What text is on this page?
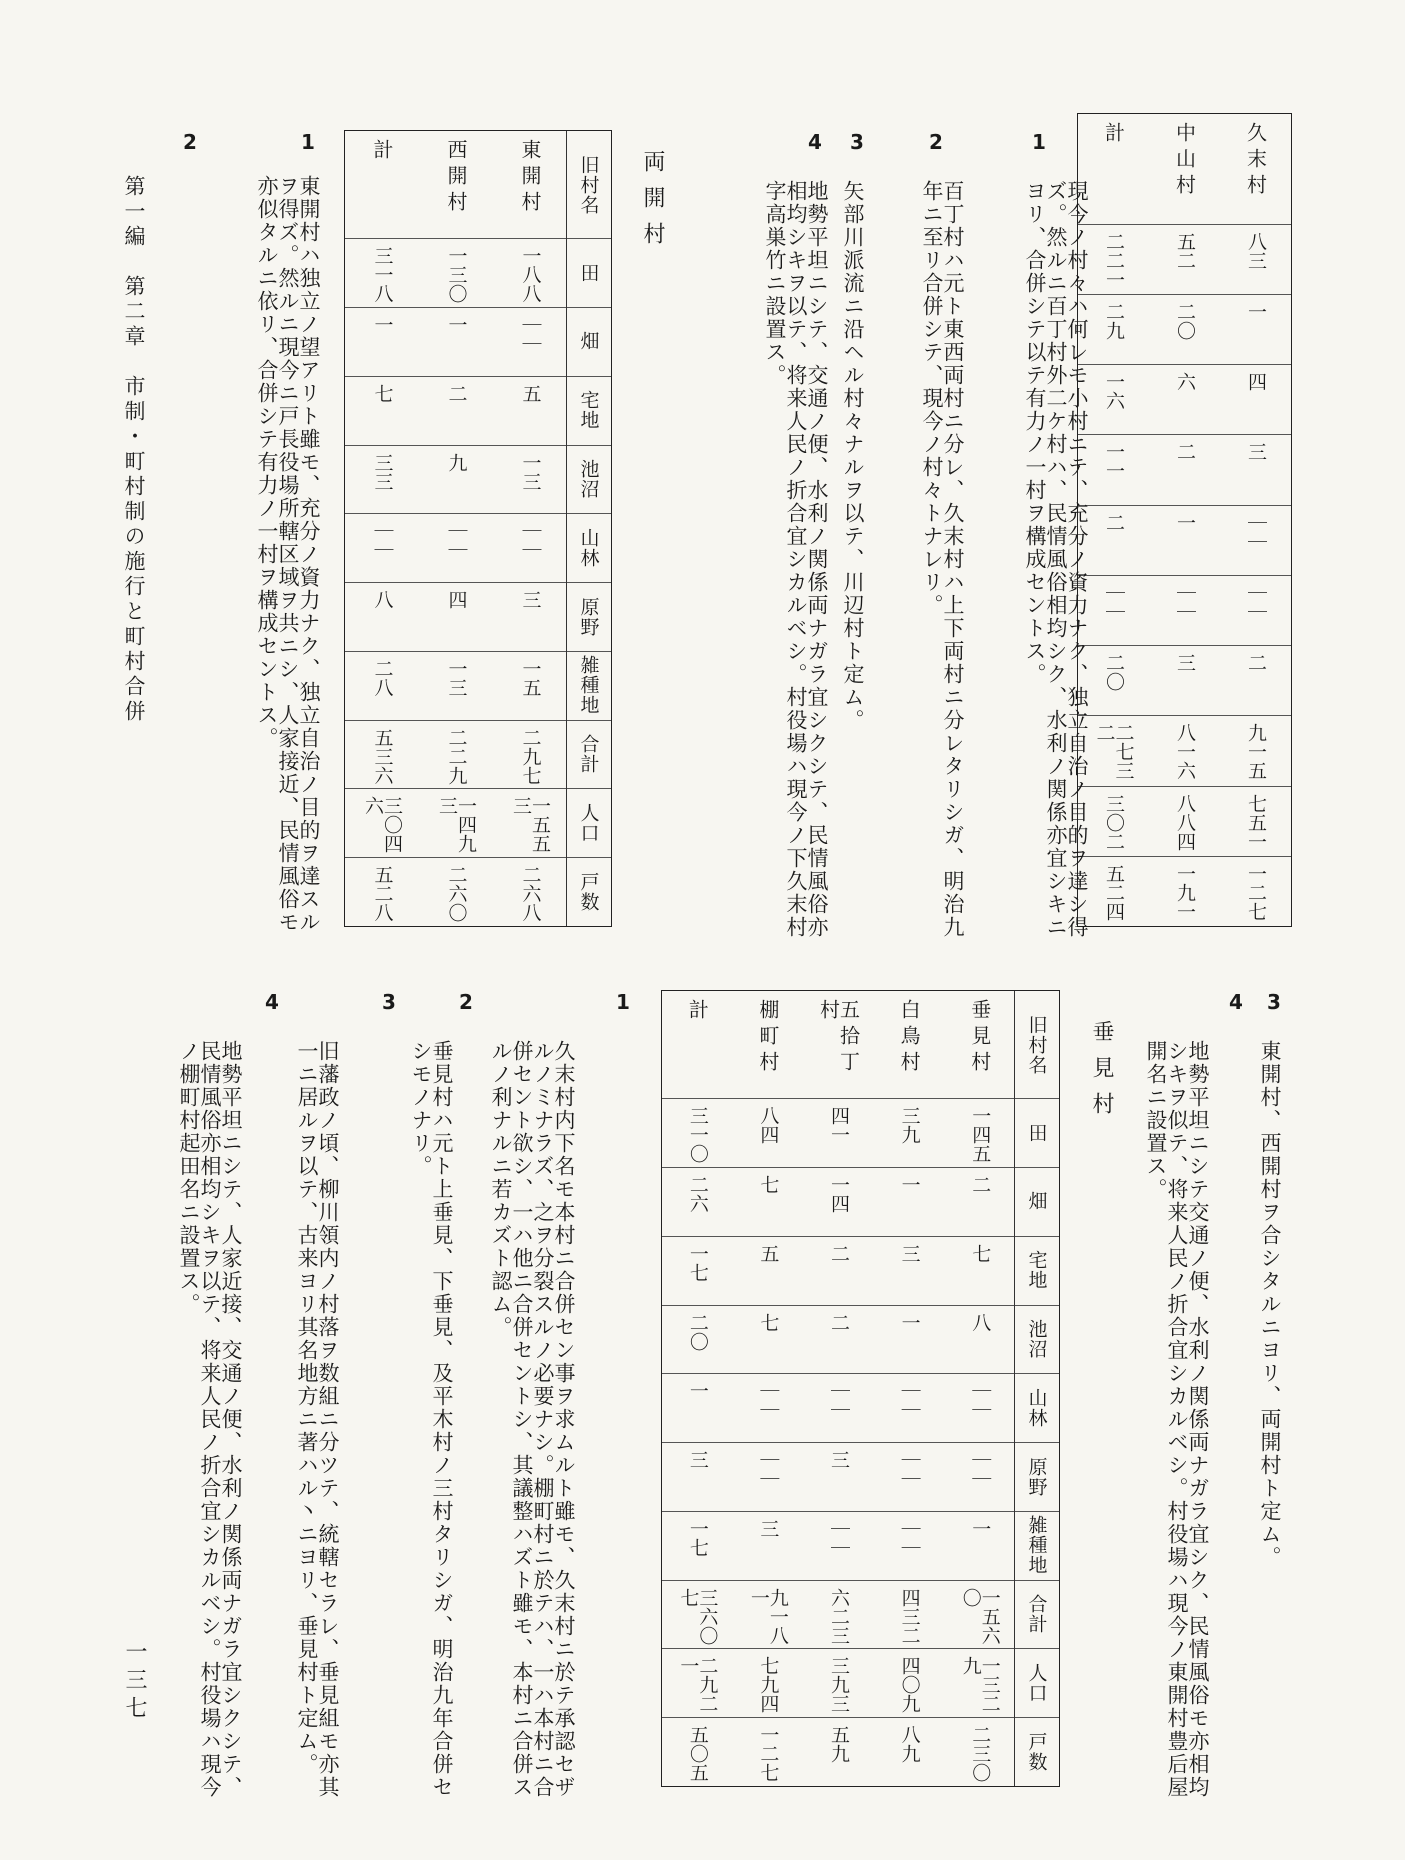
久末村
八三
一
四
三
｜｜
｜｜
二
九一五
七五一
一二七
中山村
五二
二〇
六
二
一
｜｜
三
八一六
八八四
一九一
計
二二一
二九
一六
一一
二
｜｜
二〇
二七三二
三〇二
五二四
1
現今ノ村々ハ何レモ小村ニテ、充分ノ資力ナク、独立自治ノ目的ヲ達シ得ズ。然ルニ百丁村外二ケ村ハ、民情風俗相均シク、水利ノ関係亦宜シキニヨリ、合併シテ以テ有力ノ一村ヲ構成セントス。
2
百丁村ハ元ト東西両村ニ分レ、久末村ハ上下両村ニ分レタリシガ、明治九年ニ至リ合併シテ、現今ノ村々トナレリ。
3
矢部川派流ニ沿ヘル村々ナルヲ以テ、川辺村ト定ム。
4
地勢平坦ニシテ、交通ノ便、水利ノ関係両ナガラ宜シクシテ、民情風俗亦相均シキヲ以テ、将来人民ノ折合宜シカルベシ。村役場ハ現今ノ下久末村字高巣竹ニ設置ス。
両開村
旧村名
田
畑
宅地
池沼
山林
原野
雑種地
合計
人口
戸数
東開村
一八八
｜｜
五
一三
｜｜
三
一五
二九七
一五五三
二六八
西開村
一三〇
一
二
九
｜｜
四
一三
二二九
一四九三
二六〇
計
三一八
一
七
三三
｜｜
八
二八
五三六
三〇四六
五二八
1
東開村ハ独立ノ望アリト雖モ、充分ノ資力ナク、独立自治ノ目的ヲ達スルヲ得ズ。然ルニ現今ニ戸長役場所轄区域ヲ共ニシ、人家接近、民情風俗モ亦似タルニ依リ、合併シテ有力ノ一村ヲ構成セントス。
2
第一編　第二章　市制・町村制の施行と町村合併
3
東開村、西開村ヲ合シタルニヨリ、両開村ト定ム。
4
地勢平坦ニシテ交通ノ便、水利ノ関係両ナガラ宜シク、民情風俗モ亦相均シキヲ似テ、将来人民ノ折合宜シカルベシ。村役場ハ現今ノ東開村豊后屋開名ニ設置ス。
垂見村
旧村名
田
畑
宅地
池沼
山林
原野
雑種地
合計
人口
戸数
垂見村
一四五
二
七
八
｜｜
｜｜
一
一五六〇
一三二九
二三〇
白鳥村
三九
一
三
一
｜｜
｜｜
｜｜
四三二
四〇九
八九
五拾丁村
四一
一四
二
二
｜｜
三
｜｜
六二三
三九三
五九
棚町村
八四
七
五
七
｜｜
｜｜
三
九一八一
七九四
一二七
計
三一〇
二六
一七
二〇
一
三
一七
三六〇七
二九二一
五〇五
1
久末村内下名モ本村ニ合併セン事ヲ求ムルト雖モ、久末村ニ於テ承認セザルノミナラズ、之ヲ分裂スルノ必要ナシ。棚町村ニ於テハ、一ハ本村ニ合併セント欲シ、一ハ他ニ合併セントシ、其議整ハズト雖モ、本村ニ合併スルノ利ナルニ若カズト認ム。
2
垂見村ハ元ト上垂見、下垂見、及平木村ノ三村タリシガ、明治九年合併セシモノナリ。
3
旧藩政ノ頃、柳川領内ノ村落ヲ数組ニ分ツテ、統轄セラレ、垂見組モ亦其一ニ居ルヲ以テ、古来ヨリ其名地方ニ著ハル丶ニヨリ、垂見村ト定ム。
4
地勢平坦ニシテ、人家近接、交通ノ便、水利ノ関係両ナガラ宜シクシテ、民情風俗亦相均シキヲ以テ、将来人民ノ折合宜シカルベシ。村役場ハ現今ノ棚町村起田名ニ設置ス。
一三七
